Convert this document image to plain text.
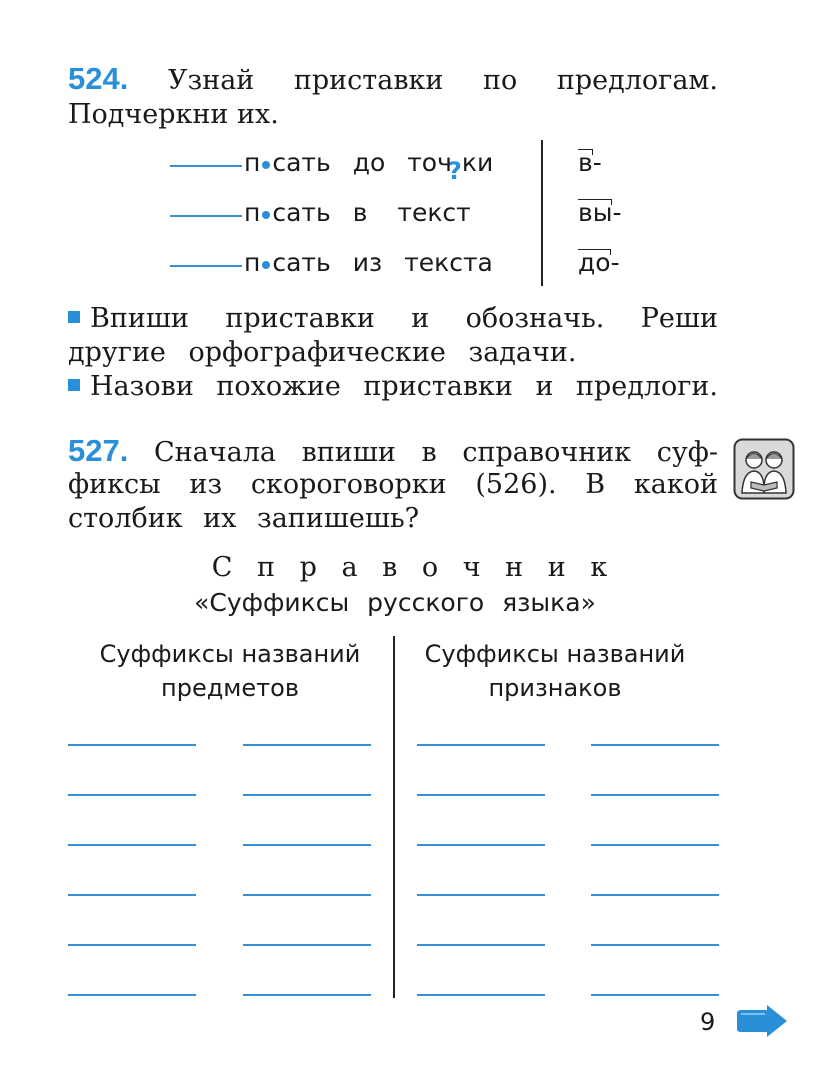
524. Узнай приставки по предлогам.
Подчеркни их.
п сать до точ
? ки
п сать в текст
п сать из текста
в-
вы-
до-
Впиши приставки и обозначь. Реши
другие орфографические задачи.
Назови похожие приставки и предлоги.
527. Сначала впиши в справочник суф-
фиксы из скороговорки (526). В какой
столбик их запишешь?
С п р а в о ч н и к
«Суффиксы русского языка»
Суффиксы названий
предметов
Суффиксы названий
признаков
9
